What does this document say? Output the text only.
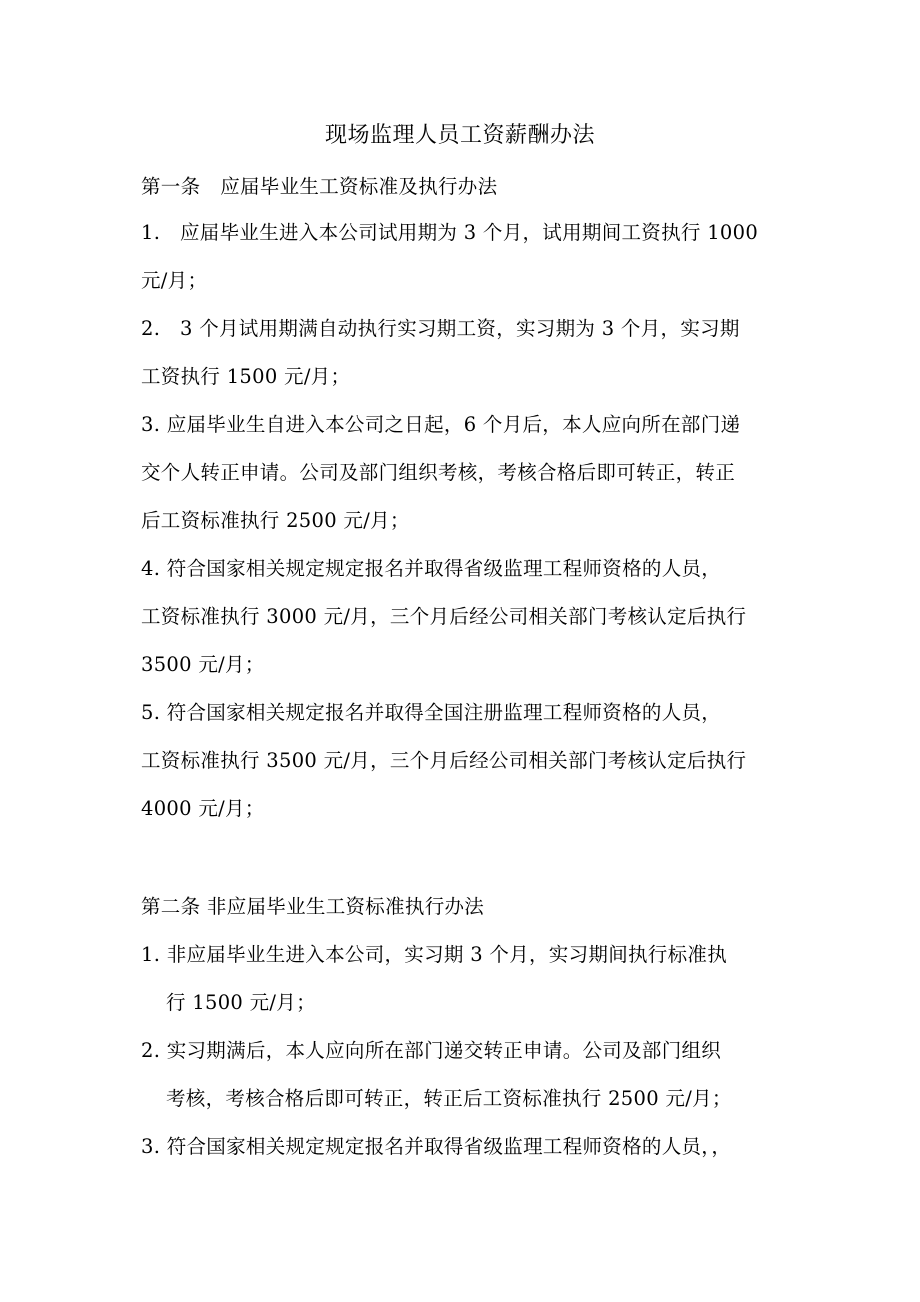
现场监理人员工资薪酬办法
第一条　应届毕业生工资标准及执行办法
1.　应届毕业生进入本公司试用期为 3 个月，试用期间工资执行 1000
元/月；
2.　3 个月试用期满自动执行实习期工资，实习期为 3 个月，实习期
工资执行 1500 元/月；
3. 应届毕业生自进入本公司之日起，6 个月后，本人应向所在部门递
交个人转正申请。公司及部门组织考核，考核合格后即可转正，转正
后工资标准执行 2500 元/月；
4. 符合国家相关规定规定报名并取得省级监理工程师资格的人员，
工资标准执行 3000 元/月，三个月后经公司相关部门考核认定后执行
3500 元/月；
5. 符合国家相关规定报名并取得全国注册监理工程师资格的人员，
工资标准执行 3500 元/月，三个月后经公司相关部门考核认定后执行
4000 元/月；
第二条 非应届毕业生工资标准执行办法
1. 非应届毕业生进入本公司，实习期 3 个月，实习期间执行标准执
行 1500 元/月；
2. 实习期满后，本人应向所在部门递交转正申请。公司及部门组织
考核，考核合格后即可转正，转正后工资标准执行 2500 元/月；
3. 符合国家相关规定规定报名并取得省级监理工程师资格的人员，，
